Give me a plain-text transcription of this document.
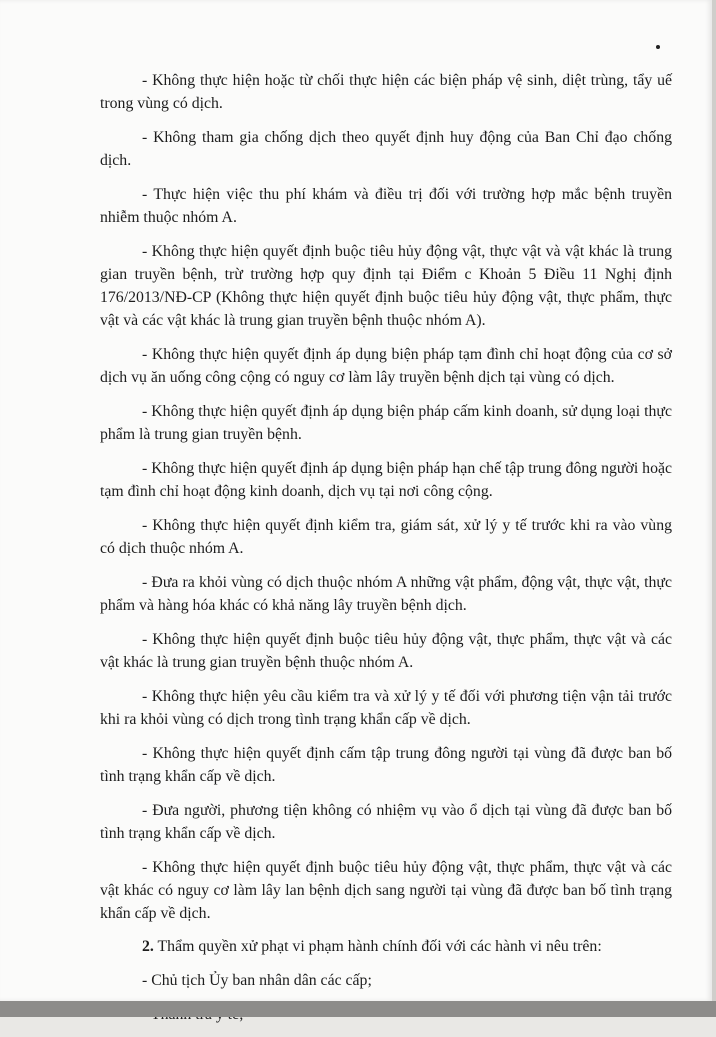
- Không thực hiện hoặc từ chối thực hiện các biện pháp vệ sinh, diệt trùng, tẩy uế trong vùng có dịch.

- Không tham gia chống dịch theo quyết định huy động của Ban Chỉ đạo chống dịch.

- Thực hiện việc thu phí khám và điều trị đối với trường hợp mắc bệnh truyền nhiễm thuộc nhóm A.

- Không thực hiện quyết định buộc tiêu hủy động vật, thực vật và vật khác là trung gian truyền bệnh, trừ trường hợp quy định tại Điểm c Khoản 5 Điều 11 Nghị định 176/2013/NĐ-CP (Không thực hiện quyết định buộc tiêu hủy động vật, thực phẩm, thực vật và các vật khác là trung gian truyền bệnh thuộc nhóm A).

- Không thực hiện quyết định áp dụng biện pháp tạm đình chỉ hoạt động của cơ sở dịch vụ ăn uống công cộng có nguy cơ làm lây truyền bệnh dịch tại vùng có dịch.

- Không thực hiện quyết định áp dụng biện pháp cấm kinh doanh, sử dụng loại thực phẩm là trung gian truyền bệnh.

- Không thực hiện quyết định áp dụng biện pháp hạn chế tập trung đông người hoặc tạm đình chỉ hoạt động kinh doanh, dịch vụ tại nơi công cộng.

- Không thực hiện quyết định kiểm tra, giám sát, xử lý y tế trước khi ra vào vùng có dịch thuộc nhóm A.

- Đưa ra khỏi vùng có dịch thuộc nhóm A những vật phẩm, động vật, thực vật, thực phẩm và hàng hóa khác có khả năng lây truyền bệnh dịch.

- Không thực hiện quyết định buộc tiêu hủy động vật, thực phẩm, thực vật và các vật khác là trung gian truyền bệnh thuộc nhóm A.

- Không thực hiện yêu cầu kiểm tra và xử lý y tế đối với phương tiện vận tải trước khi ra khỏi vùng có dịch trong tình trạng khẩn cấp về dịch.

- Không thực hiện quyết định cấm tập trung đông người tại vùng đã được ban bố tình trạng khẩn cấp về dịch.

- Đưa người, phương tiện không có nhiệm vụ vào ổ dịch tại vùng đã được ban bố tình trạng khẩn cấp về dịch.

- Không thực hiện quyết định buộc tiêu hủy động vật, thực phẩm, thực vật và các vật khác có nguy cơ làm lây lan bệnh dịch sang người tại vùng đã được ban bố tình trạng khẩn cấp về dịch.

2. Thẩm quyền xử phạt vi phạm hành chính đối với các hành vi nêu trên:

- Chủ tịch Ủy ban nhân dân các cấp;
